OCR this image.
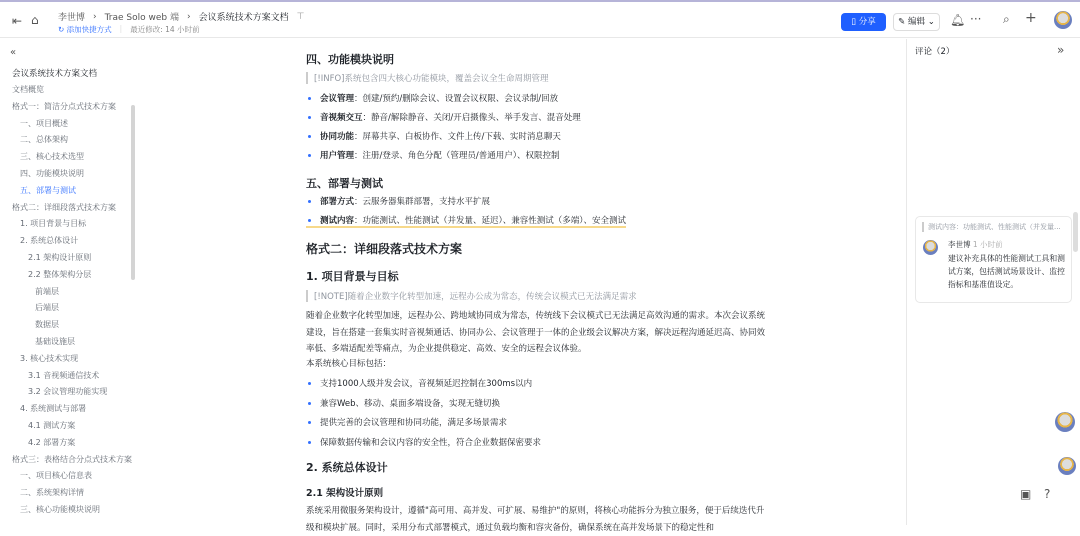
⇤ ⌂ 李世博 › Trae Solo web 端 › 会议系统技术方案文档 ⊤
↻ 添加快捷方式 | 最近修改: 14 小时前
▯ 分享	✎ 编辑 ⌄	🔔︎ ··· ⌕ +
«
会议系统技术方案文档
文档概览
格式一：简洁分点式技术方案
一、项目概述
二、总体架构
三、核心技术选型
四、功能模块说明
五、部署与测试
格式二：详细段落式技术方案
1. 项目背景与目标
2. 系统总体设计
2.1 架构设计原则
2.2 整体架构分层
前端层
后端层
数据层
基础设施层
3. 核心技术实现
3.1 音视频通信技术
3.2 会议管理功能实现
4. 系统测试与部署
4.1 测试方案
4.2 部署方案
格式三：表格结合分点式技术方案
一、项目核心信息表
二、系统架构详情
三、核心功能模块说明
四、功能模块说明
[!INFO]系统包含四大核心功能模块，覆盖会议全生命周期管理
会议管理：创建/预约/删除会议、设置会议权限、会议录制/回放
音视频交互：静音/解除静音、关闭/开启摄像头、举手发言、混音处理
协同功能：屏幕共享、白板协作、文件上传/下载、实时消息聊天
用户管理：注册/登录、角色分配（管理员/普通用户）、权限控制
五、部署与测试
部署方式：云服务器集群部署，支持水平扩展
测试内容：功能测试、性能测试（并发量、延迟）、兼容性测试（多端）、安全测试
格式二：详细段落式技术方案
1. 项目背景与目标
[!NOTE]随着企业数字化转型加速，远程办公成为常态，传统会议模式已无法满足需求
随着企业数字化转型加速，远程办公、跨地域协同成为常态，传统线下会议模式已无法满足高效沟通的需求。本次会议系统建设，旨在搭建一套集实时音视频通话、协同办公、会议管理于一体的企业级会议解决方案，解决远程沟通延迟高、协同效率低、多端适配差等痛点，为企业提供稳定、高效、安全的远程会议体验。
本系统核心目标包括：
支持1000人级并发会议，音视频延迟控制在300ms以内
兼容Web、移动、桌面多端设备，实现无缝切换
提供完善的会议管理和协同功能，满足多场景需求
保障数据传输和会议内容的安全性，符合企业数据保密要求
2. 系统总体设计
2.1 架构设计原则
系统采用微服务架构设计，遵循"高可用、高并发、可扩展、易维护"的原则，将核心功能拆分为独立服务，便于后续迭代升级和模块扩展。同时，采用分布式部署模式，通过负载均衡和容灾备份，确保系统在高并发场景下的稳定性和
评论（2）	»
测试内容：功能测试、性能测试（并发量...
李世博 1 小时前
建议补充具体的性能测试工具和测试方案，包括测试场景设计、监控指标和基准值设定。
▣ ?
